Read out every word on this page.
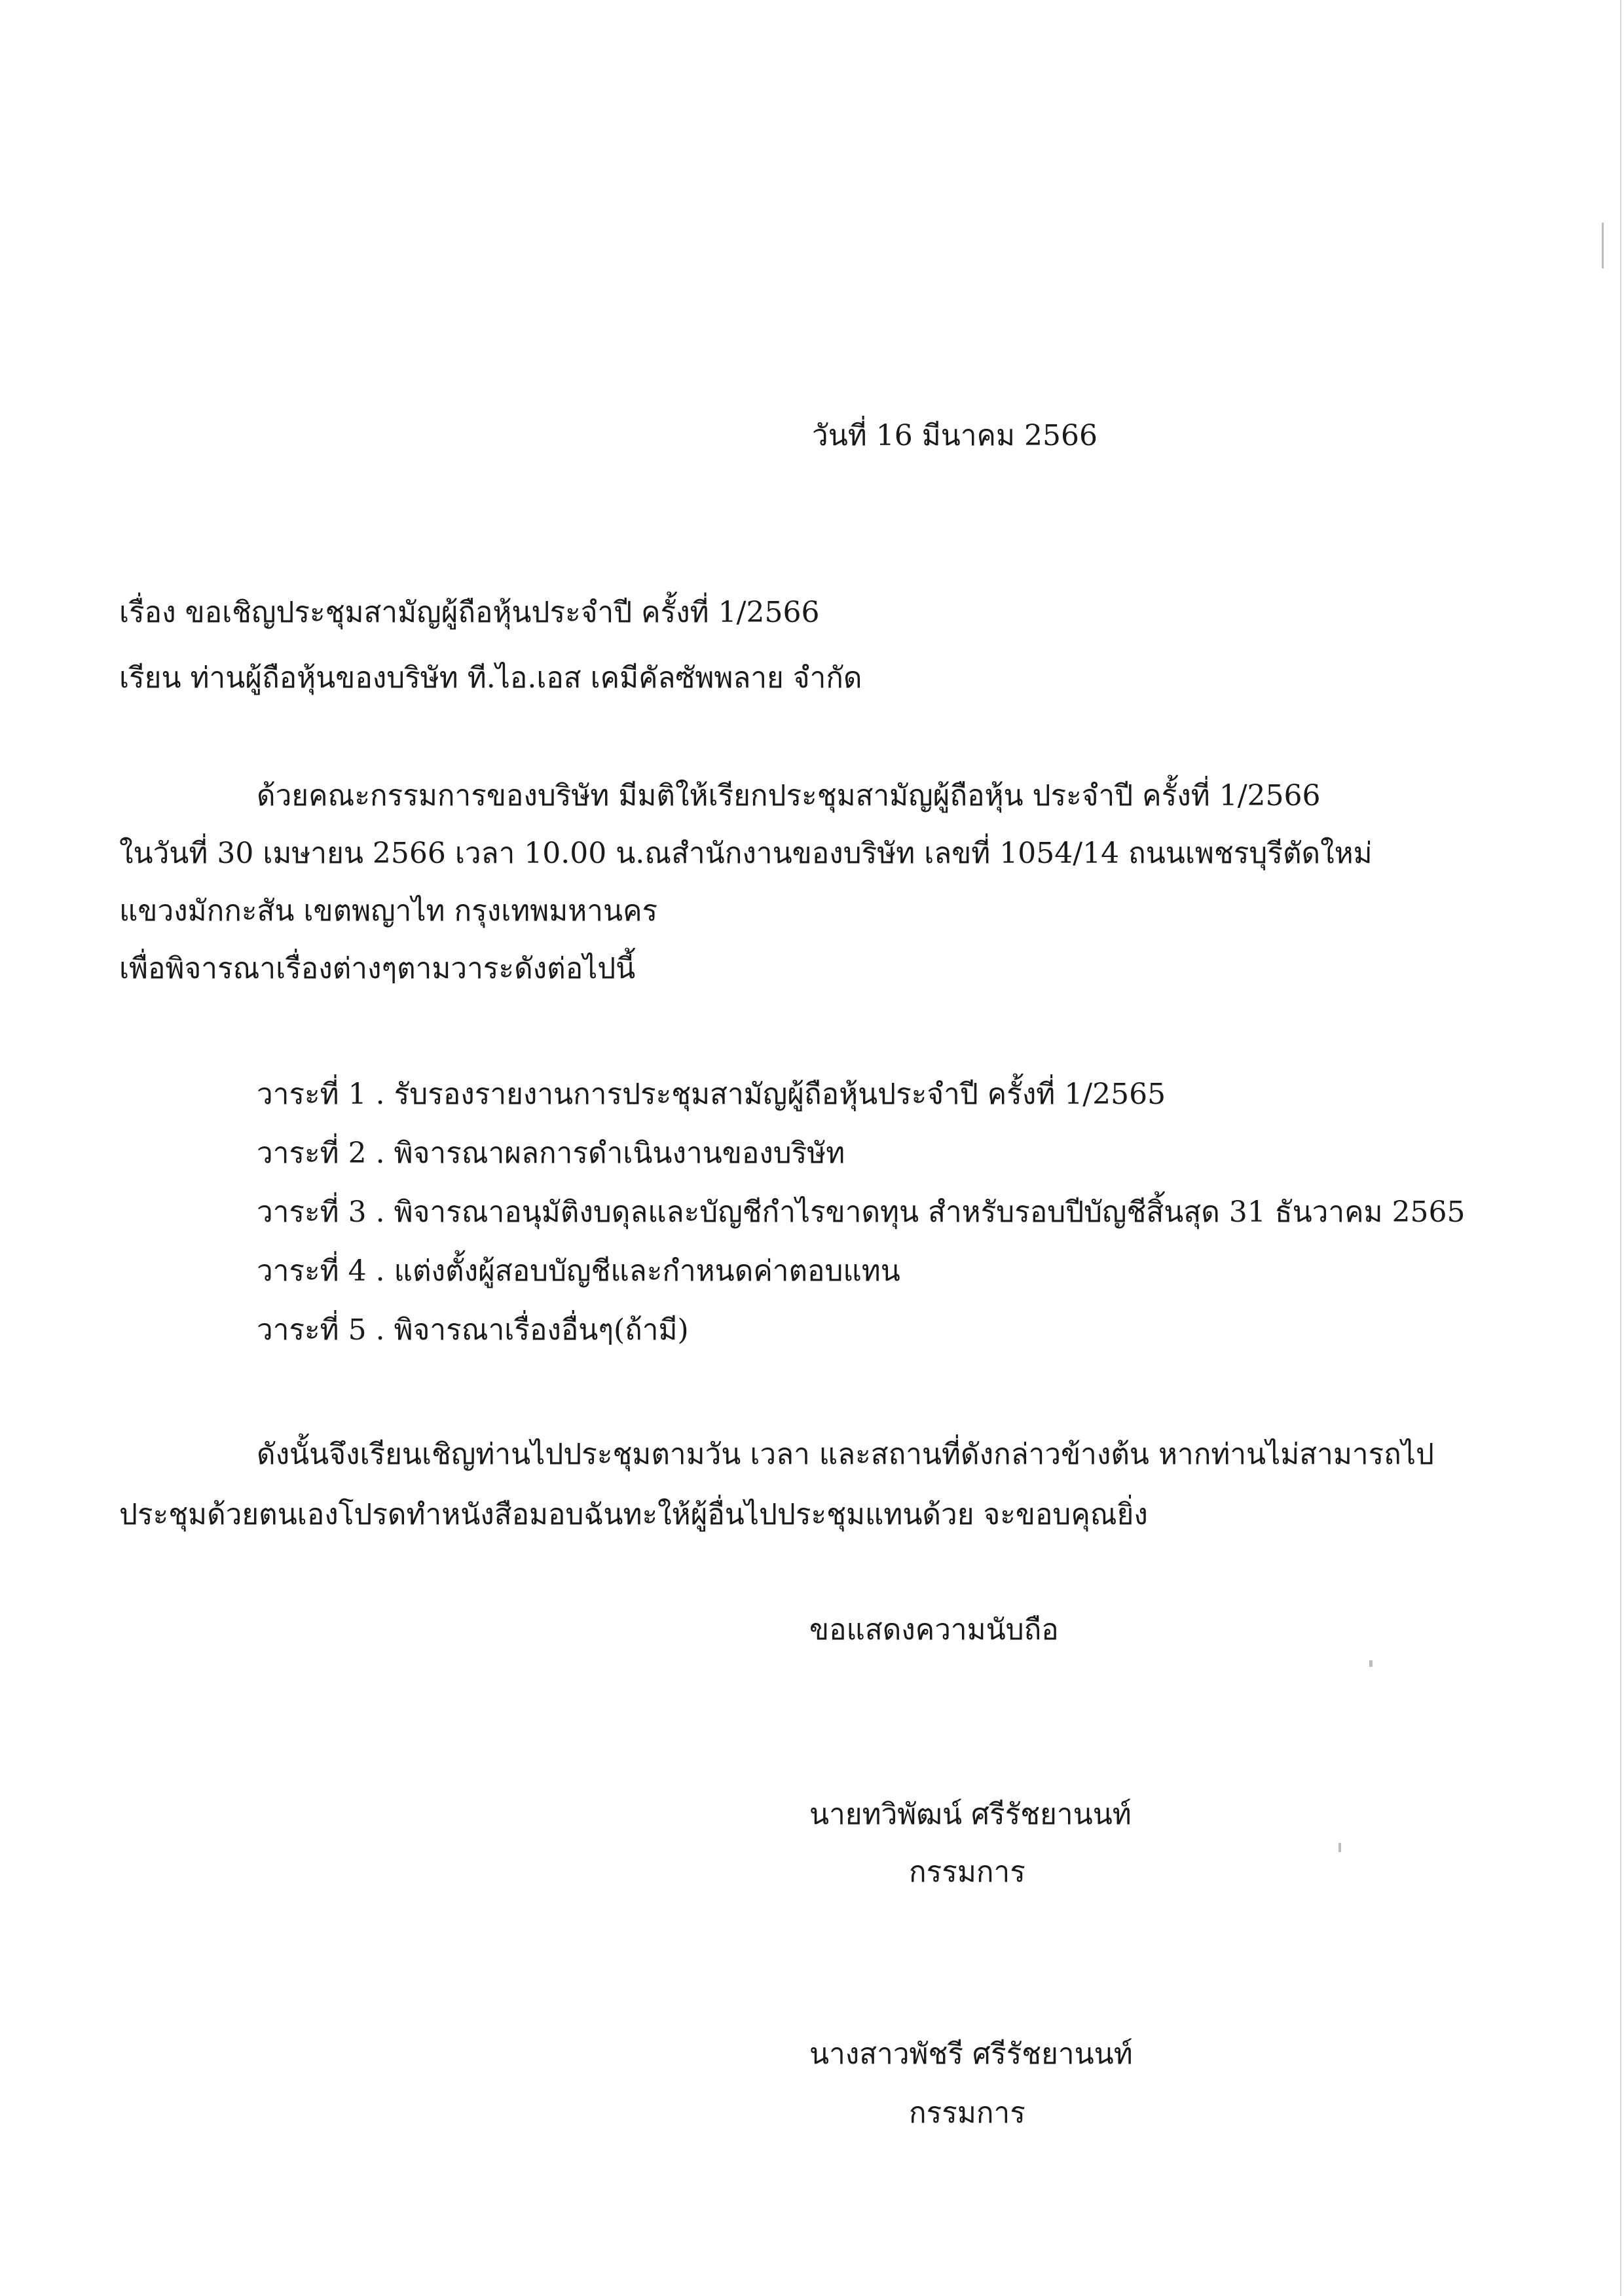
วันที่ 16 มีนาคม 2566
เรื่อง ขอเชิญประชุมสามัญผู้ถือหุ้นประจำปี ครั้งที่ 1/2566
เรียน ท่านผู้ถือหุ้นของบริษัท ที.ไอ.เอส เคมีคัลซัพพลาย จำกัด
ด้วยคณะกรรมการของบริษัท มีมติให้เรียกประชุมสามัญผู้ถือหุ้น ประจำปี ครั้งที่ 1/2566
ในวันที่ 30 เมษายน 2566 เวลา 10.00 น.ณสำนักงานของบริษัท เลขที่ 1054/14 ถนนเพชรบุรีตัดใหม่
แขวงมักกะสัน เขตพญาไท กรุงเทพมหานคร
เพื่อพิจารณาเรื่องต่างๆตามวาระดังต่อไปนี้
วาระที่ 1 . รับรองรายงานการประชุมสามัญผู้ถือหุ้นประจำปี ครั้งที่ 1/2565
วาระที่ 2 . พิจารณาผลการดำเนินงานของบริษัท
วาระที่ 3 . พิจารณาอนุมัติงบดุลและบัญชีกำไรขาดทุน สำหรับรอบปีบัญชีสิ้นสุด 31 ธันวาคม 2565
วาระที่ 4 . แต่งตั้งผู้สอบบัญชีและกำหนดค่าตอบแทน
วาระที่ 5 . พิจารณาเรื่องอื่นๆ(ถ้ามี)
ดังนั้นจึงเรียนเชิญท่านไปประชุมตามวัน เวลา และสถานที่ดังกล่าวข้างต้น หากท่านไม่สามารถไป
ประชุมด้วยตนเองโปรดทำหนังสือมอบฉันทะให้ผู้อื่นไปประชุมแทนด้วย จะขอบคุณยิ่ง
ขอแสดงความนับถือ
นายทวิพัฒน์ ศรีรัชยานนท์
กรรมการ
นางสาวพัชรี ศรีรัชยานนท์
กรรมการ
